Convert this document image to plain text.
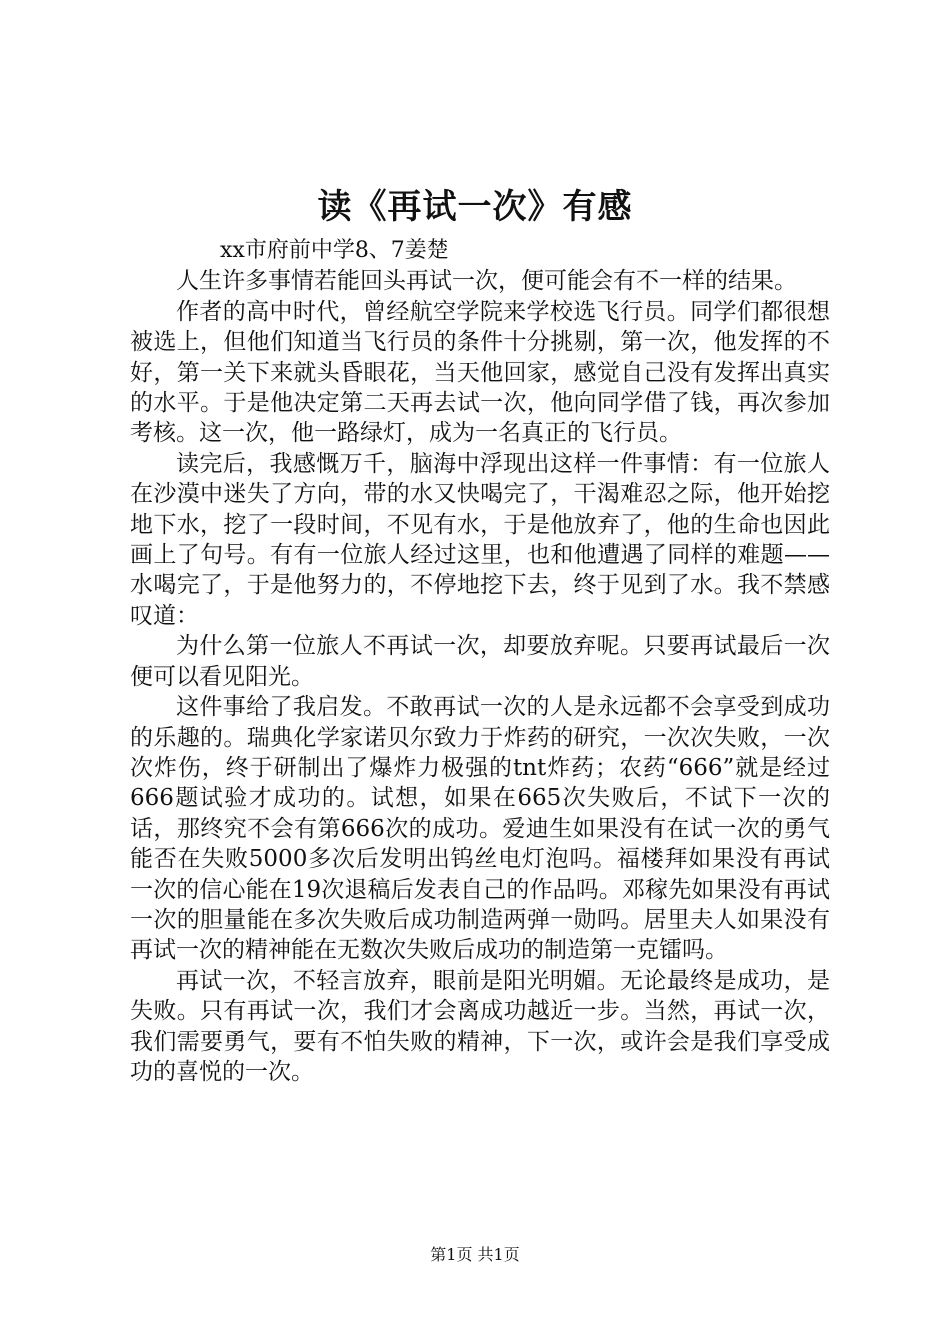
读《再试一次》有感

xx市府前中学8、7姜楚

人生许多事情若能回头再试一次，便可能会有不一样的结果。

作者的高中时代，曾经航空学院来学校选飞行员。同学们都很想被选上，但他们知道当飞行员的条件十分挑剔，第一次，他发挥的不好，第一关下来就头昏眼花，当天他回家，感觉自己没有发挥出真实的水平。于是他决定第二天再去试一次，他向同学借了钱，再次参加考核。这一次，他一路绿灯，成为一名真正的飞行员。

读完后，我感慨万千，脑海中浮现出这样一件事情：有一位旅人在沙漠中迷失了方向，带的水又快喝完了，干渴难忍之际，他开始挖地下水，挖了一段时间，不见有水，于是他放弃了，他的生命也因此画上了句号。有有一位旅人经过这里，也和他遭遇了同样的难题——水喝完了，于是他努力的，不停地挖下去，终于见到了水。我不禁感叹道：

为什么第一位旅人不再试一次，却要放弃呢。只要再试最后一次便可以看见阳光。

这件事给了我启发。不敢再试一次的人是永远都不会享受到成功的乐趣的。瑞典化学家诺贝尔致力于炸药的研究，一次次失败，一次次炸伤，终于研制出了爆炸力极强的tnt炸药；农药“666”就是经过666题试验才成功的。试想，如果在665次失败后，不试下一次的话，那终究不会有第666次的成功。爱迪生如果没有在试一次的勇气能否在失败5000多次后发明出钨丝电灯泡吗。福楼拜如果没有再试一次的信心能在19次退稿后发表自己的作品吗。邓稼先如果没有再试一次的胆量能在多次失败后成功制造两弹一勋吗。居里夫人如果没有再试一次的精神能在无数次失败后成功的制造第一克镭吗。

再试一次，不轻言放弃，眼前是阳光明媚。无论最终是成功，是失败。只有再试一次，我们才会离成功越近一步。当然，再试一次，我们需要勇气，要有不怕失败的精神，下一次，或许会是我们享受成功的喜悦的一次。

第1页 共1页
